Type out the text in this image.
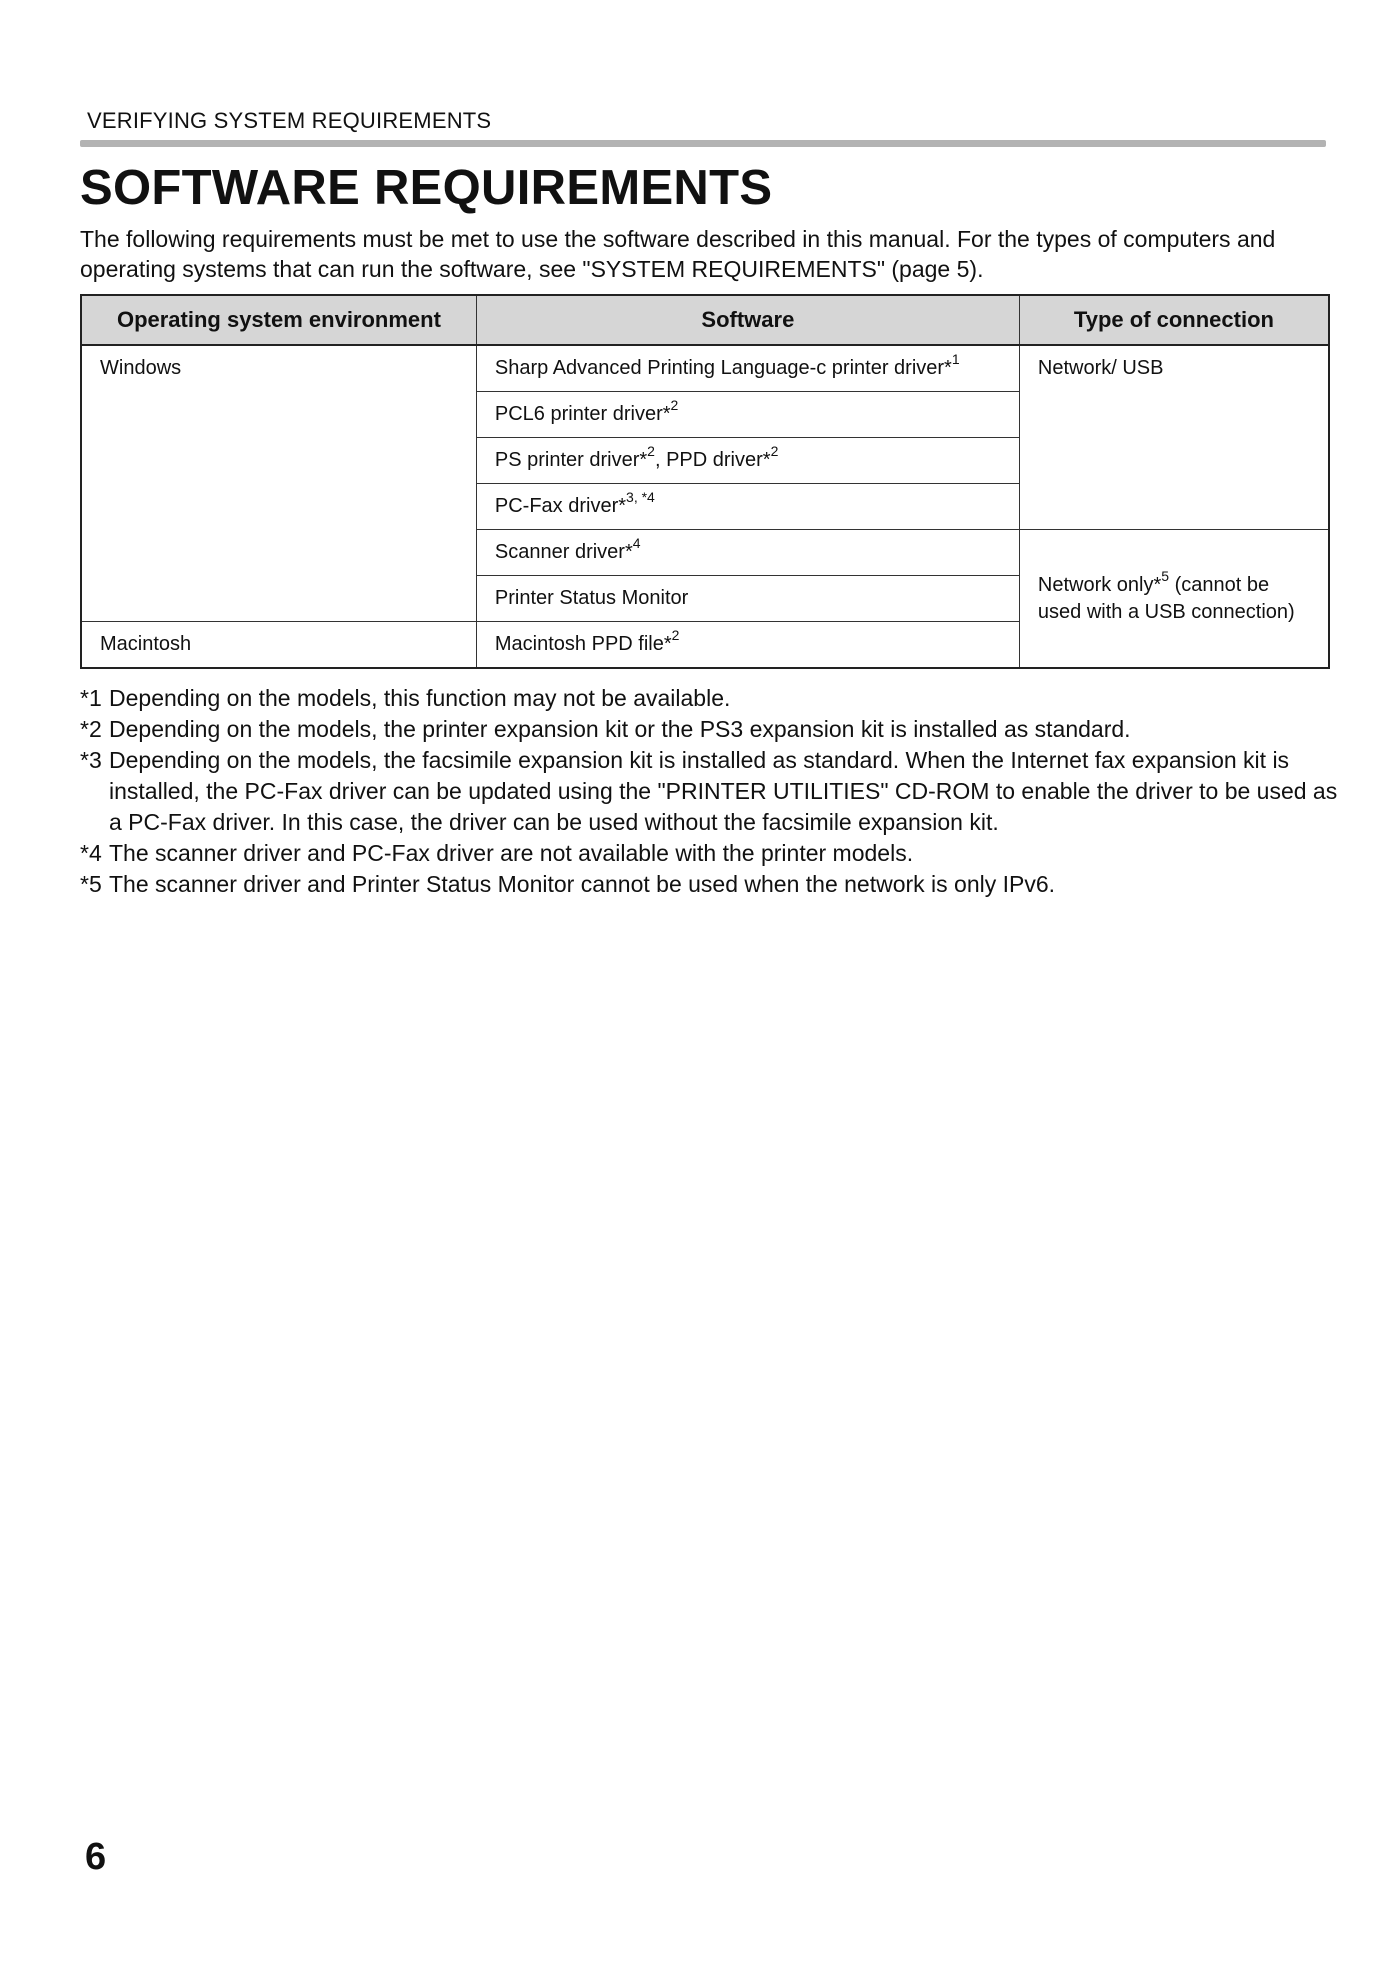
VERIFYING SYSTEM REQUIREMENTS
SOFTWARE REQUIREMENTS

The following requirements must be met to use the software described in this manual. For the types of computers and operating systems that can run the software, see "SYSTEM REQUIREMENTS" (page 5).

Operating system environment	Software	Type of connection
Windows	Sharp Advanced Printing Language-c printer driver*$^1$	Network/ USB
	PCL6 printer driver*$^2$
	PS printer driver*$^2$, PPD driver*$^2$
	PC-Fax driver*$^{3, *4}$
	Scanner driver*$^4$	Network only*$^5$ (cannot be used with a USB connection)
	Printer Status Monitor	
Macintosh	Macintosh PPD file*$^2$
*1 Depending on the models, this function may not be available.
*2 Depending on the models, the printer expansion kit or the PS3 expansion kit is installed as standard.
*3 Depending on the models, the facsimile expansion kit is installed as standard. When the Internet fax expansion kit is installed, the PC-Fax driver can be updated using the "PRINTER UTILITIES" CD-ROM to enable the driver to be used as a PC-Fax driver. In this case, the driver can be used without the facsimile expansion kit.
*4 The scanner driver and PC-Fax driver are not available with the printer models.
*5 The scanner driver and Printer Status Monitor cannot be used when the network is only IPv6.
6
